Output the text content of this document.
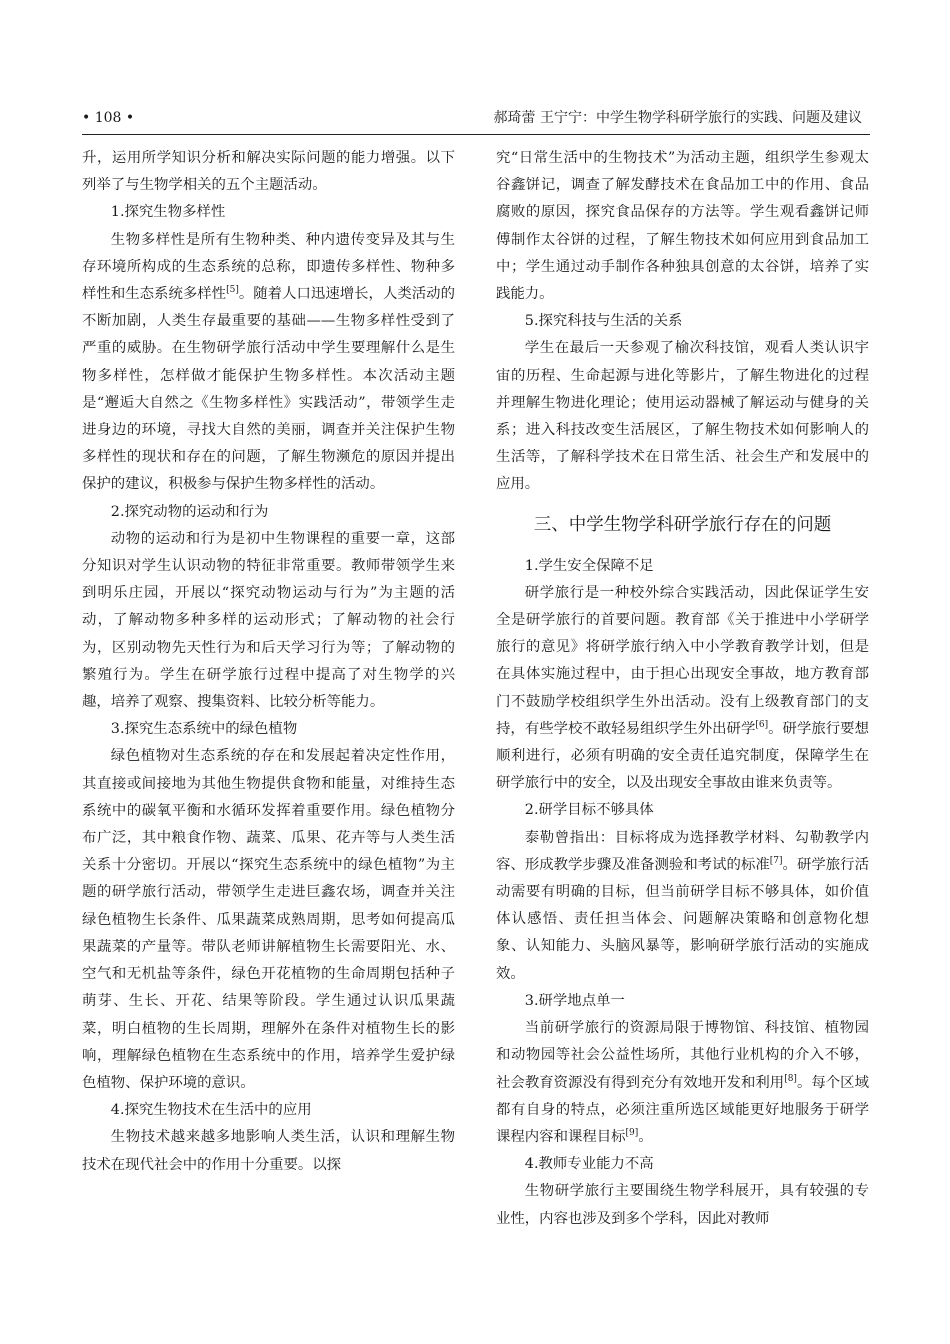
• 108 •	郝琦蕾 王宁宁：中学生物学科研学旅行的实践、问题及建议

升，运用所学知识分析和解决实际问题的能力增强。以下列举了与生物学相关的五个主题活动。

1.探究生物多样性

生物多样性是所有生物种类、种内遗传变异及其与生存环境所构成的生态系统的总称，即遗传多样性、物种多样性和生态系统多样性[5]。随着人口迅速增长，人类活动的不断加剧，人类生存最重要的基础——生物多样性受到了严重的威胁。在生物研学旅行活动中学生要理解什么是生物多样性，怎样做才能保护生物多样性。本次活动主题是“邂逅大自然之《生物多样性》实践活动”，带领学生走进身边的环境，寻找大自然的美丽，调查并关注保护生物多样性的现状和存在的问题，了解生物濒危的原因并提出保护的建议，积极参与保护生物多样性的活动。

2.探究动物的运动和行为

动物的运动和行为是初中生物课程的重要一章，这部分知识对学生认识动物的特征非常重要。教师带领学生来到明乐庄园，开展以“探究动物运动与行为”为主题的活动，了解动物多种多样的运动形式；了解动物的社会行为，区别动物先天性行为和后天学习行为等；了解动物的繁殖行为。学生在研学旅行过程中提高了对生物学的兴趣，培养了观察、搜集资料、比较分析等能力。

3.探究生态系统中的绿色植物

绿色植物对生态系统的存在和发展起着决定性作用，其直接或间接地为其他生物提供食物和能量，对维持生态系统中的碳氧平衡和水循环发挥着重要作用。绿色植物分布广泛，其中粮食作物、蔬菜、瓜果、花卉等与人类生活关系十分密切。开展以“探究生态系统中的绿色植物”为主题的研学旅行活动，带领学生走进巨鑫农场，调查并关注绿色植物生长条件、瓜果蔬菜成熟周期，思考如何提高瓜果蔬菜的产量等。带队老师讲解植物生长需要阳光、水、空气和无机盐等条件，绿色开花植物的生命周期包括种子萌芽、生长、开花、结果等阶段。学生通过认识瓜果蔬菜，明白植物的生长周期，理解外在条件对植物生长的影响，理解绿色植物在生态系统中的作用，培养学生爱护绿色植物、保护环境的意识。

4.探究生物技术在生活中的应用

生物技术越来越多地影响人类生活，认识和理解生物技术在现代社会中的作用十分重要。以探

究“日常生活中的生物技术”为活动主题，组织学生参观太谷鑫饼记，调查了解发酵技术在食品加工中的作用、食品腐败的原因，探究食品保存的方法等。学生观看鑫饼记师傅制作太谷饼的过程，了解生物技术如何应用到食品加工中；学生通过动手制作各种独具创意的太谷饼，培养了实践能力。

5.探究科技与生活的关系

学生在最后一天参观了榆次科技馆，观看人类认识宇宙的历程、生命起源与进化等影片，了解生物进化的过程并理解生物进化理论；使用运动器械了解运动与健身的关系；进入科技改变生活展区，了解生物技术如何影响人的生活等，了解科学技术在日常生活、社会生产和发展中的应用。

三、中学生物学科研学旅行存在的问题

1.学生安全保障不足

研学旅行是一种校外综合实践活动，因此保证学生安全是研学旅行的首要问题。教育部《关于推进中小学研学旅行的意见》将研学旅行纳入中小学教育教学计划，但是在具体实施过程中，由于担心出现安全事故，地方教育部门不鼓励学校组织学生外出活动。没有上级教育部门的支持，有些学校不敢轻易组织学生外出研学[6]。研学旅行要想顺利进行，必须有明确的安全责任追究制度，保障学生在研学旅行中的安全，以及出现安全事故由谁来负责等。

2.研学目标不够具体

泰勒曾指出：目标将成为选择教学材料、勾勒教学内容、形成教学步骤及准备测验和考试的标准[7]。研学旅行活动需要有明确的目标，但当前研学目标不够具体，如价值体认感悟、责任担当体会、问题解决策略和创意物化想象、认知能力、头脑风暴等，影响研学旅行活动的实施成效。

3.研学地点单一

当前研学旅行的资源局限于博物馆、科技馆、植物园和动物园等社会公益性场所，其他行业机构的介入不够，社会教育资源没有得到充分有效地开发和利用[8]。每个区域都有自身的特点，必须注重所选区域能更好地服务于研学课程内容和课程目标[9]。

4.教师专业能力不高

生物研学旅行主要围绕生物学科展开，具有较强的专业性，内容也涉及到多个学科，因此对教师
